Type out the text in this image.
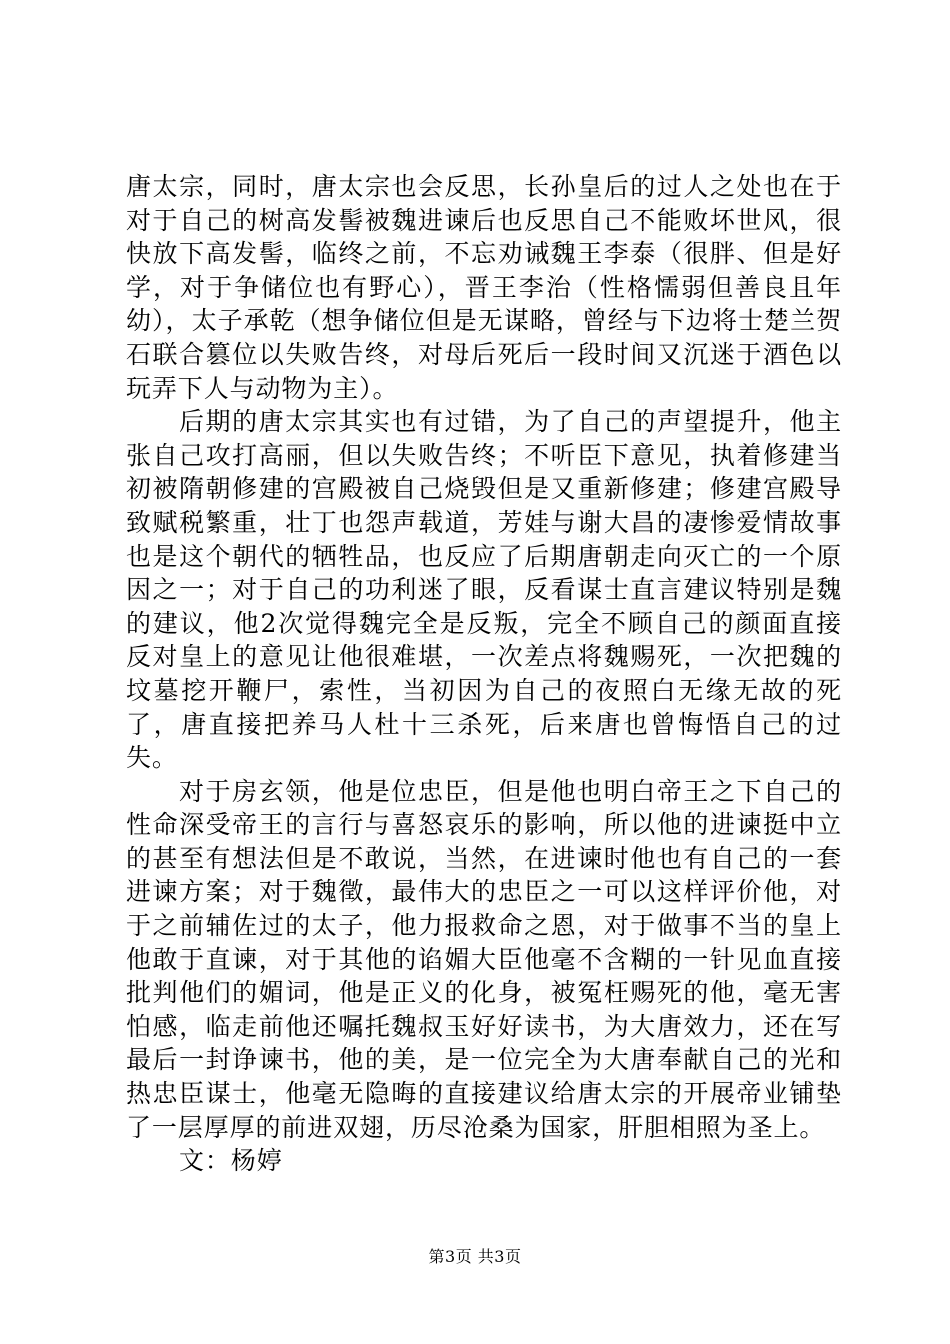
唐太宗，同时，唐太宗也会反思，长孙皇后的过人之处也在于对于自己的树高发髻被魏进谏后也反思自己不能败坏世风，很快放下高发髻，临终之前，不忘劝诫魏王李泰（很胖、但是好学，对于争储位也有野心），晋王李治（性格懦弱但善良且年幼），太子承乾（想争储位但是无谋略，曾经与下边将士楚兰贺石联合篡位以失败告终，对母后死后一段时间又沉迷于酒色以玩弄下人与动物为主）。

后期的唐太宗其实也有过错，为了自己的声望提升，他主张自己攻打高丽，但以失败告终；不听臣下意见，执着修建当初被隋朝修建的宫殿被自己烧毁但是又重新修建；修建宫殿导致赋税繁重，壮丁也怨声载道，芳娃与谢大昌的凄惨爱情故事也是这个朝代的牺牲品，也反应了后期唐朝走向灭亡的一个原因之一；对于自己的功利迷了眼，反看谋士直言建议特别是魏的建议，他2次觉得魏完全是反叛，完全不顾自己的颜面直接反对皇上的意见让他很难堪，一次差点将魏赐死，一次把魏的坟墓挖开鞭尸，索性，当初因为自己的夜照白无缘无故的死了，唐直接把养马人杜十三杀死，后来唐也曾悔悟自己的过失。

对于房玄领，他是位忠臣，但是他也明白帝王之下自己的性命深受帝王的言行与喜怒哀乐的影响，所以他的进谏挺中立的甚至有想法但是不敢说，当然，在进谏时他也有自己的一套进谏方案；对于魏徵，最伟大的忠臣之一可以这样评价他，对于之前辅佐过的太子，他力报救命之恩，对于做事不当的皇上他敢于直谏，对于其他的谄媚大臣他毫不含糊的一针见血直接批判他们的媚词，他是正义的化身，被冤枉赐死的他，毫无害怕感，临走前他还嘱托魏叔玉好好读书，为大唐效力，还在写最后一封诤谏书，他的美，是一位完全为大唐奉献自己的光和热忠臣谋士，他毫无隐晦的直接建议给唐太宗的开展帝业铺垫了一层厚厚的前进双翅，历尽沧桑为国家，肝胆相照为圣上。

文：杨婷

第3页 共3页
